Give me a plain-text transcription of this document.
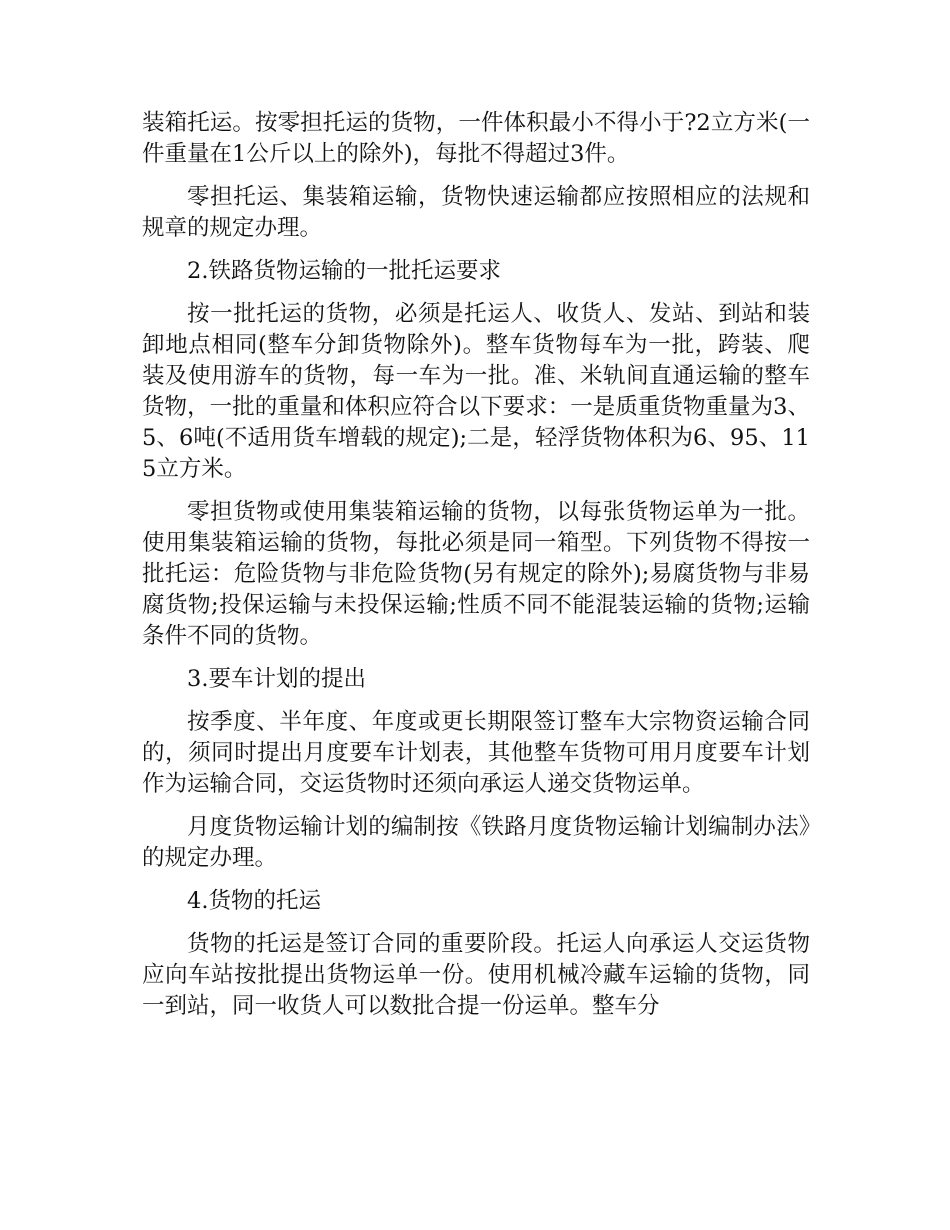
装箱托运。按零担托运的货物，一件体积最小不得小于?2立方米(一件重量在1公斤以上的除外)，每批不得超过3件。

零担托运、集装箱运输，货物快速运输都应按照相应的法规和规章的规定办理。

2.铁路货物运输的一批托运要求

按一批托运的货物，必须是托运人、收货人、发站、到站和装卸地点相同(整车分卸货物除外)。整车货物每车为一批，跨装、爬装及使用游车的货物，每一车为一批。准、米轨间直通运输的整车货物，一批的重量和体积应符合以下要求：一是质重货物重量为3、5、6吨(不适用货车增载的规定);二是，轻浮货物体积为6、95、115立方米。

零担货物或使用集装箱运输的货物，以每张货物运单为一批。使用集装箱运输的货物，每批必须是同一箱型。下列货物不得按一批托运：危险货物与非危险货物(另有规定的除外);易腐货物与非易腐货物;投保运输与未投保运输;性质不同不能混装运输的货物;运输条件不同的货物。

3.要车计划的提出

按季度、半年度、年度或更长期限签订整车大宗物资运输合同的，须同时提出月度要车计划表，其他整车货物可用月度要车计划作为运输合同，交运货物时还须向承运人递交货物运单。

月度货物运输计划的编制按《铁路月度货物运输计划编制办法》的规定办理。

4.货物的托运

货物的托运是签订合同的重要阶段。托运人向承运人交运货物应向车站按批提出货物运单一份。使用机械冷藏车运输的货物，同一到站，同一收货人可以数批合提一份运单。整车分
